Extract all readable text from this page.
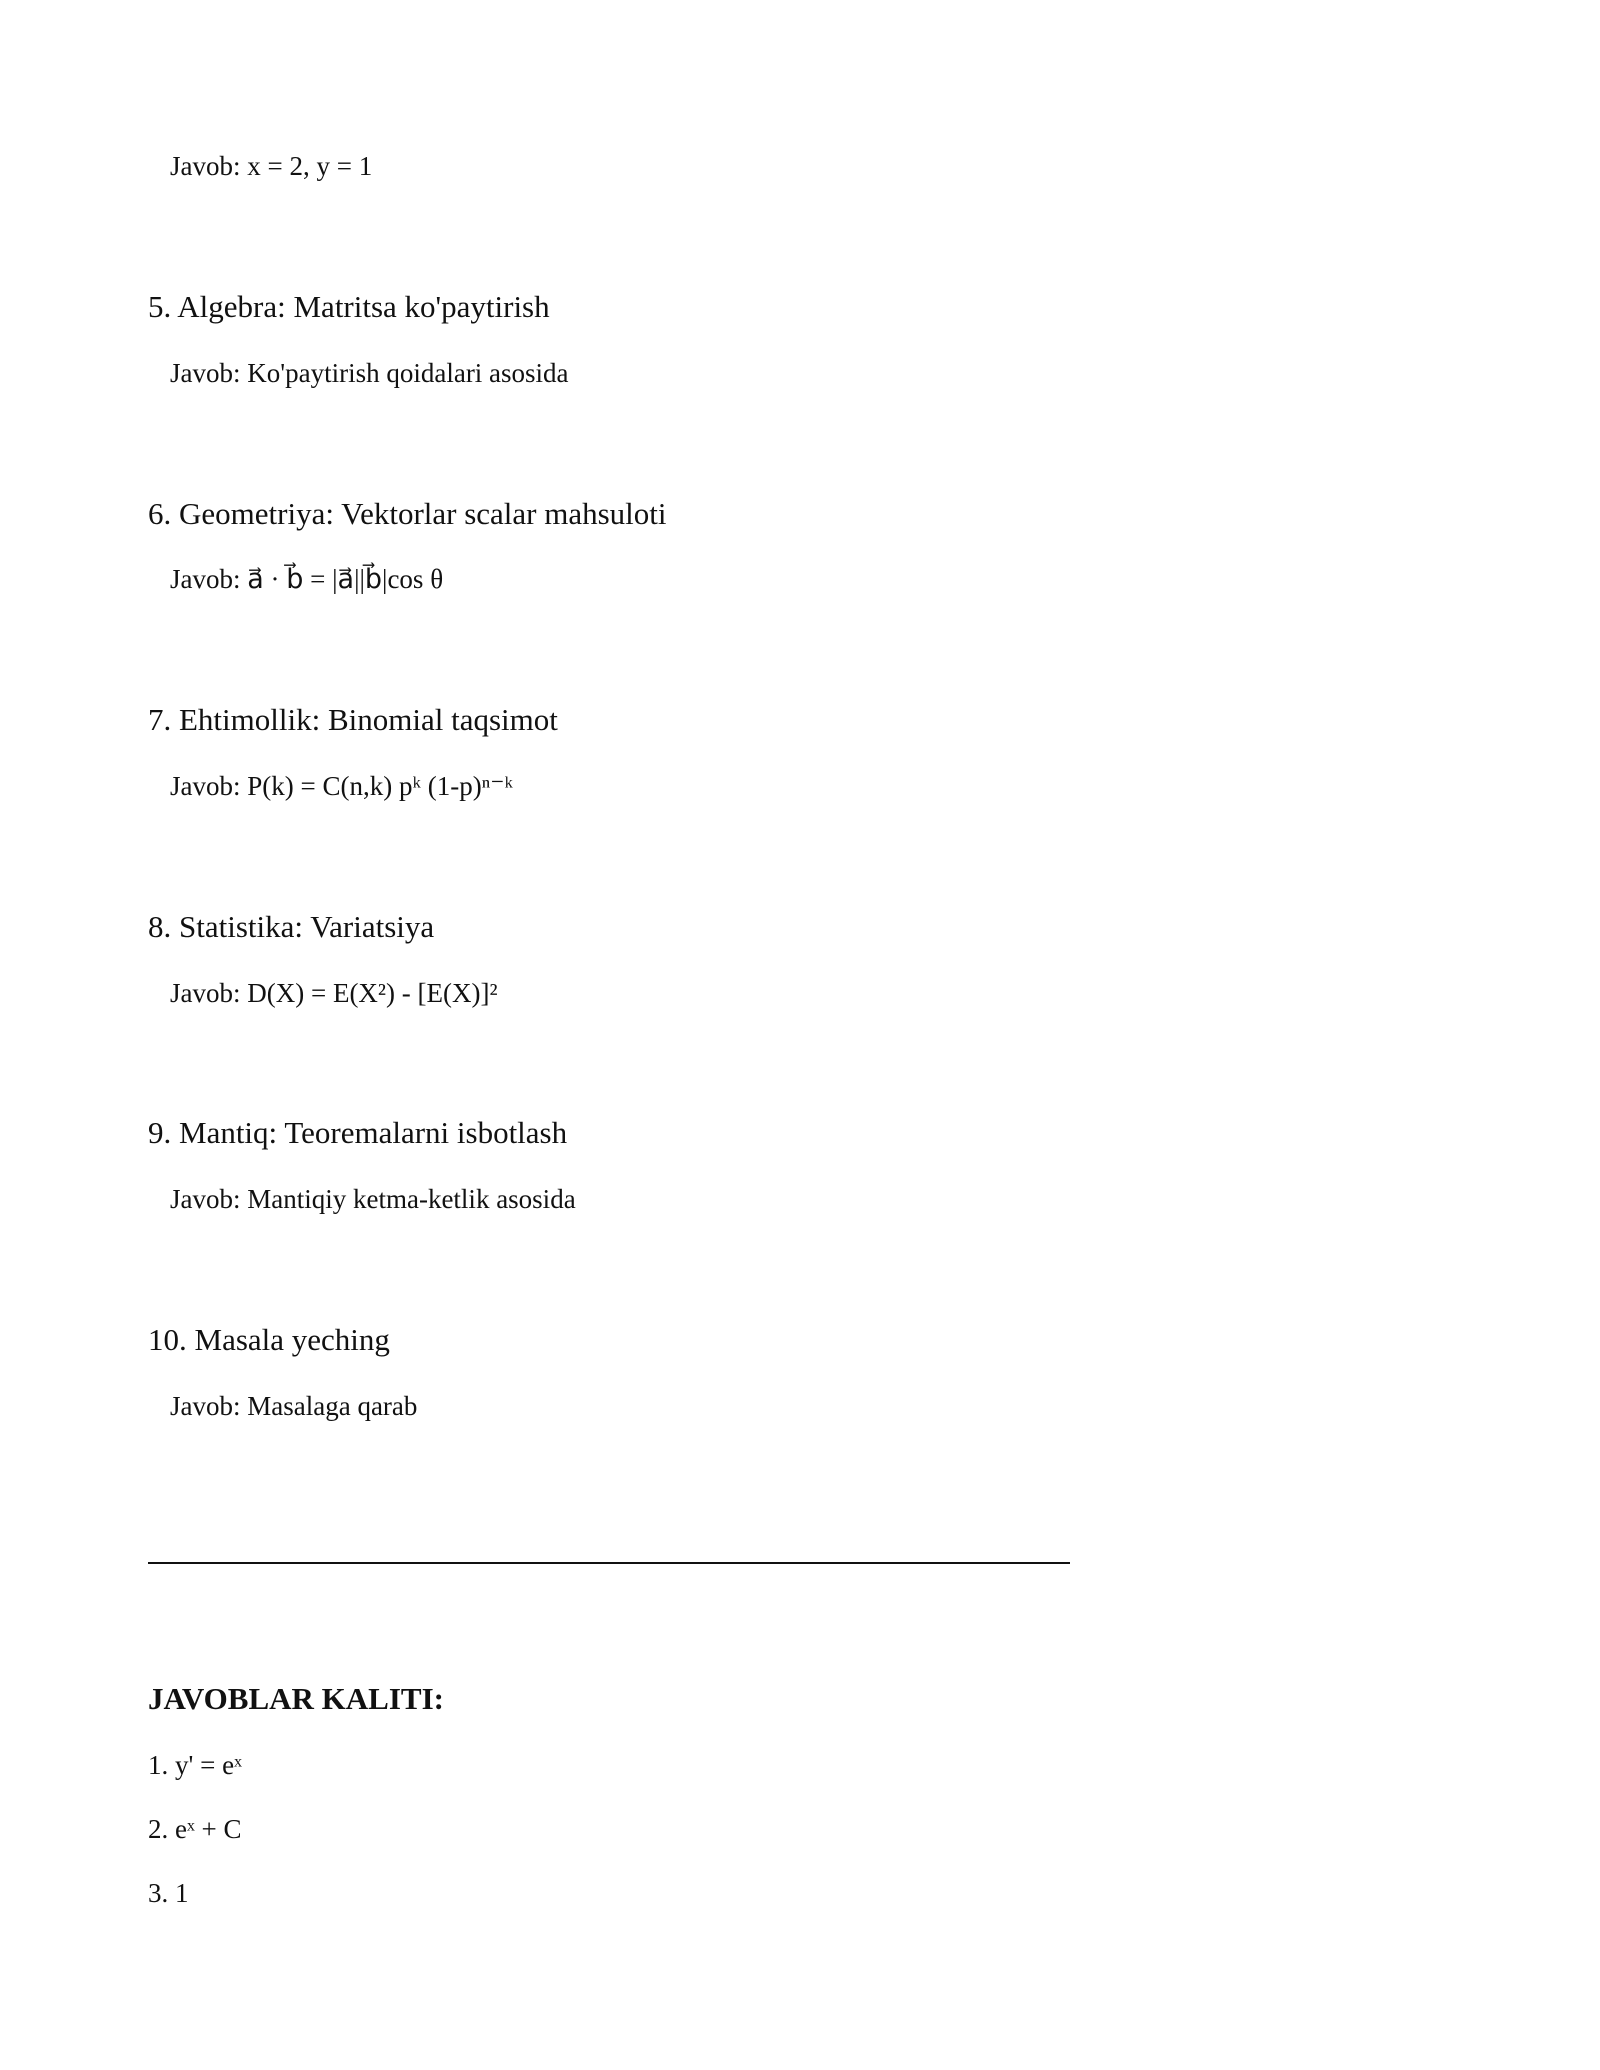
Javob: x = 2, y = 1
5. Algebra: Matritsa ko'paytirish
Javob: Ko'paytirish qoidalari asosida
6. Geometriya: Vektorlar scalar mahsuloti
Javob: a⃗ · b⃗ = |a⃗||b⃗|cos θ
7. Ehtimollik: Binomial taqsimot
Javob: P(k) = C(n,k) pᵏ (1-p)ⁿ⁻ᵏ
8. Statistika: Variatsiya
Javob: D(X) = E(X²) - [E(X)]²
9. Mantiq: Teoremalarni isbotlash
Javob: Mantiqiy ketma-ketlik asosida
10. Masala yeching
Javob: Masalaga qarab
JAVOBLAR KALITI:
1. y' = eˣ
2. eˣ + C
3. 1
